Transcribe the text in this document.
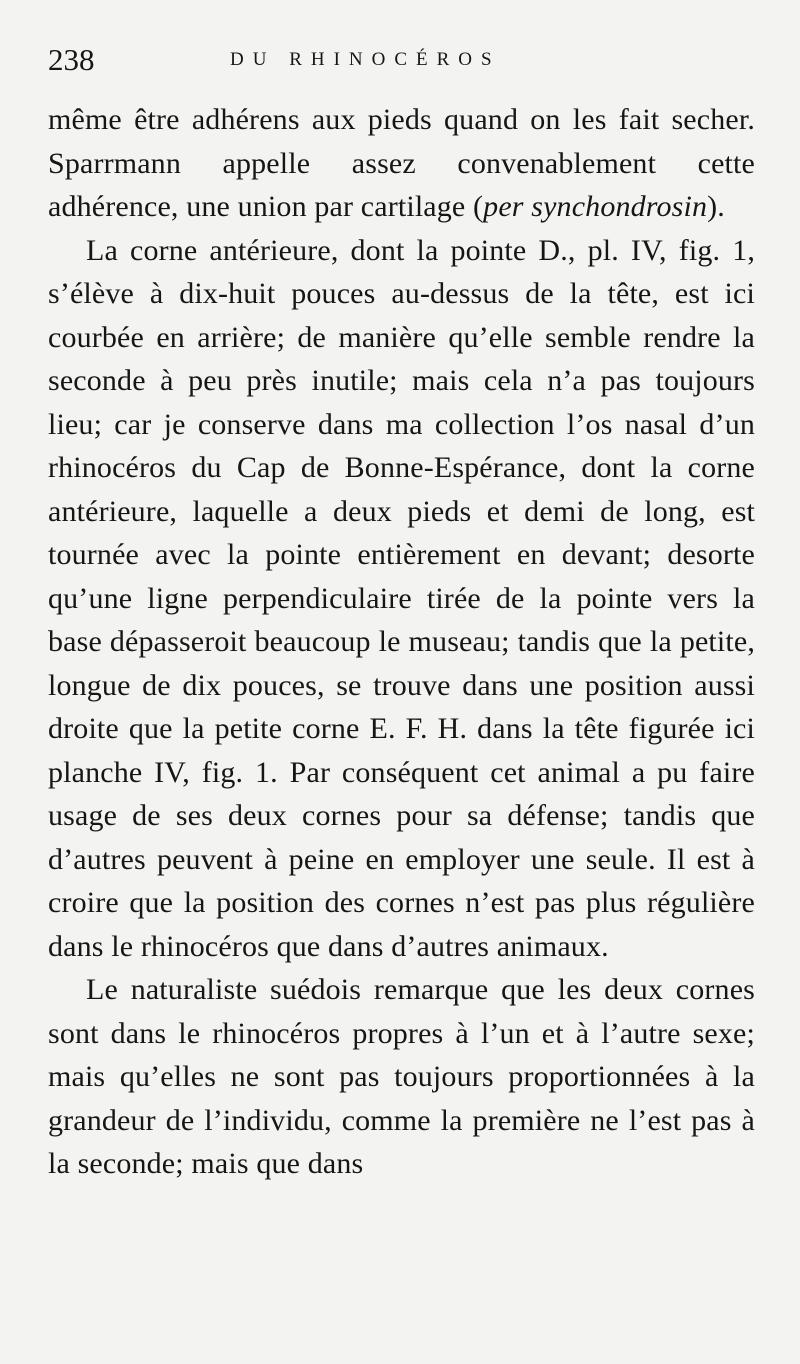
238	DU RHINOCÉROS

même être adhérens aux pieds quand on les fait secher. Sparrmann appelle assez convenablement cette adhérence, une union par cartilage (per synchondrosin).

La corne antérieure, dont la pointe D., pl. IV, fig. 1, s’élève à dix-huit pouces au-dessus de la tête, est ici courbée en arrière; de manière qu’elle semble rendre la seconde à peu près inutile; mais cela n’a pas toujours lieu; car je conserve dans ma collection l’os nasal d’un rhinocéros du Cap de Bonne-Espérance, dont la corne antérieure, laquelle a deux pieds et demi de long, est tournée avec la pointe entièrement en devant; desorte qu’une ligne perpendiculaire tirée de la pointe vers la base dépasseroit beaucoup le museau; tandis que la petite, longue de dix pouces, se trouve dans une position aussi droite que la petite corne E. F. H. dans la tête figurée ici planche IV, fig. 1. Par conséquent cet animal a pu faire usage de ses deux cornes pour sa défense; tandis que d’autres peuvent à peine en employer une seule. Il est à croire que la position des cornes n’est pas plus régulière dans le rhinocéros que dans d’autres animaux.

Le naturaliste suédois remarque que les deux cornes sont dans le rhinocéros propres à l’un et à l’autre sexe; mais qu’elles ne sont pas toujours proportionnées à la grandeur de l’individu, comme la première ne l’est pas à la seconde; mais que dans
